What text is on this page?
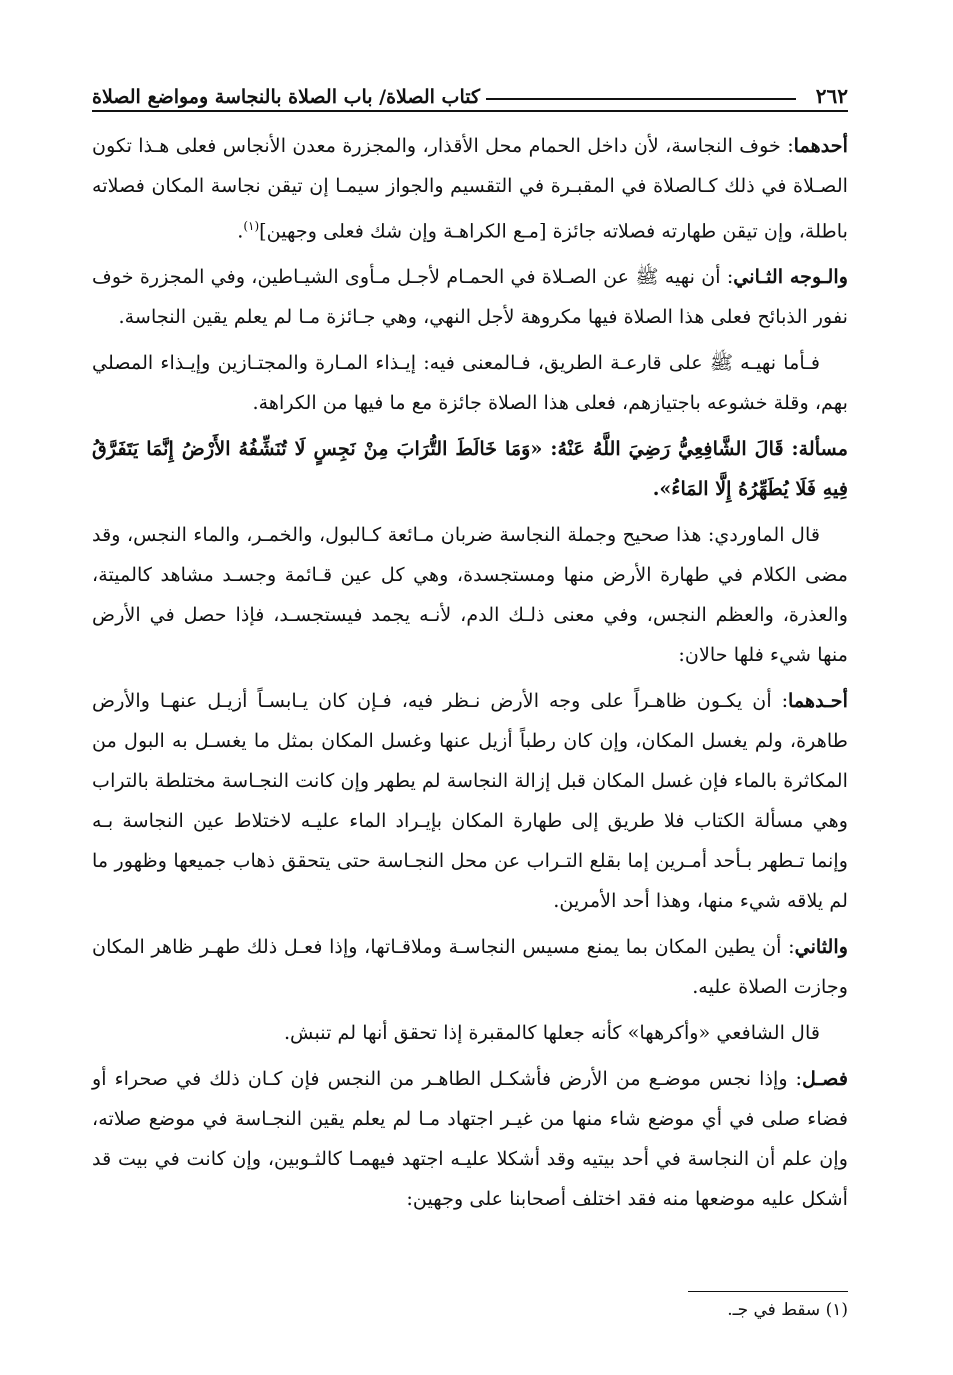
٢٦٢
كتاب الصلاة/ باب الصلاة بالنجاسة ومواضع الصلاة

أحدهما: خوف النجاسة، لأن داخل الحمام محل الأقذار، والمجزرة معدن الأنجاس فعلى هـذا تكون الصـلاة في ذلك كـالصلاة في المقبـرة في التقسيم والجواز سيمـا إن تيقن نجاسة المكان فصلاته باطلة، وإن تيقن طهارته فصلاته جائزة [مـع الكراهـة وإن شك فعلى وجهين]$^{(١)}$.

والـوجه الثـاني: أن نهيه ﷺ عن الصـلاة في الحمـام لأجـل مـأوى الشيـاطين، وفي المجزرة خوف نفور الذبائح فعلى هذا الصلاة فيها مكروهة لأجل النهي، وهي جـائزة مـا لم يعلم يقين النجاسة.

فـأما نهيـه ﷺ على قارعـة الطريق، فـالمعنى فيه: إيـذاء المـارة والمجتـازين وإيـذاء المصلي بهم، وقلة خشوعه باجتيازهم، فعلى هذا الصلاة جائزة مع ما فيها من الكراهة.

مسألة: قَالَ الشَّافِعِيُّ رَضِيَ اللَّهُ عَنْهُ: «وَمَا خَالَطَ التُّرَابَ مِنْ نَجِسٍ لَا تُنَشِّفُهُ الأَرْضُ إِنَّمَا يَتَفَرَّقُ فِيهِ فَلَا يُطَهِّرُهُ إِلَّا المَاءُ».

قال الماوردي: هذا صحيح وجملة النجاسة ضربان مـائعة كـالبول، والخمـر، والماء النجس، وقد مضى الكلام في طهارة الأرض منها ومستجسدة، وهي كل عين قـائمة وجسـد مشاهد كالميتة، والعذرة، والعظم النجس، وفي معنى ذلـك الدم، لأنـه يجمد فيستجسـد، فإذا حصل في الأرض منها شيء فلها حالان:

أحـدهما: أن يكـون ظاهـراً على وجه الأرض نـظر فيه، فـإن كان يـابسـاً أزيـل عنهـا والأرض طاهرة، ولم يغسل المكان، وإن كان رطباً أزيل عنها وغسل المكان بمثل ما يغسـل به البول من المكاثرة بالماء فإن غسل المكان قبل إزالة النجاسة لم يطهر وإن كانت النجـاسة مختلطة بالتراب وهي مسألة الكتاب فلا طريق إلى طهارة المكان بإيـراد الماء عليـه لاختلاط عين النجاسة بـه وإنما تـطهر بـأحد أمـرين إما بقلع التـراب عن محل النجـاسة حتى يتحقق ذهاب جميعها وظهور ما لم يلاقه شيء منها، وهذا أحد الأمرين.

والثاني: أن يطين المكان بما يمنع مسيس النجاسـة وملاقـاتها، وإذا فعـل ذلك طهـر ظاهر المكان وجازت الصلاة عليه.

قال الشافعي «وأكرهها» كأنه جعلها كالمقبرة إذا تحقق أنها لم تنبش.

فصـل: وإذا نجس موضـع من الأرض فأشكـل الطاهـر من النجس فإن كـان ذلك في صحراء أو فضاء صلى في أي موضع شاء منها من غيـر اجتهاد مـا لم يعلم يقين النجـاسة في موضع صلاته، وإن علم أن النجاسة في أحد بيتيه وقد أشكلا عليـه اجتهد فيهمـا كالثـوبين، وإن كانت في بيت قد أشكل عليه موضعها منه فقد اختلف أصحابنا على وجهين:

(١) سقط في جـ.
